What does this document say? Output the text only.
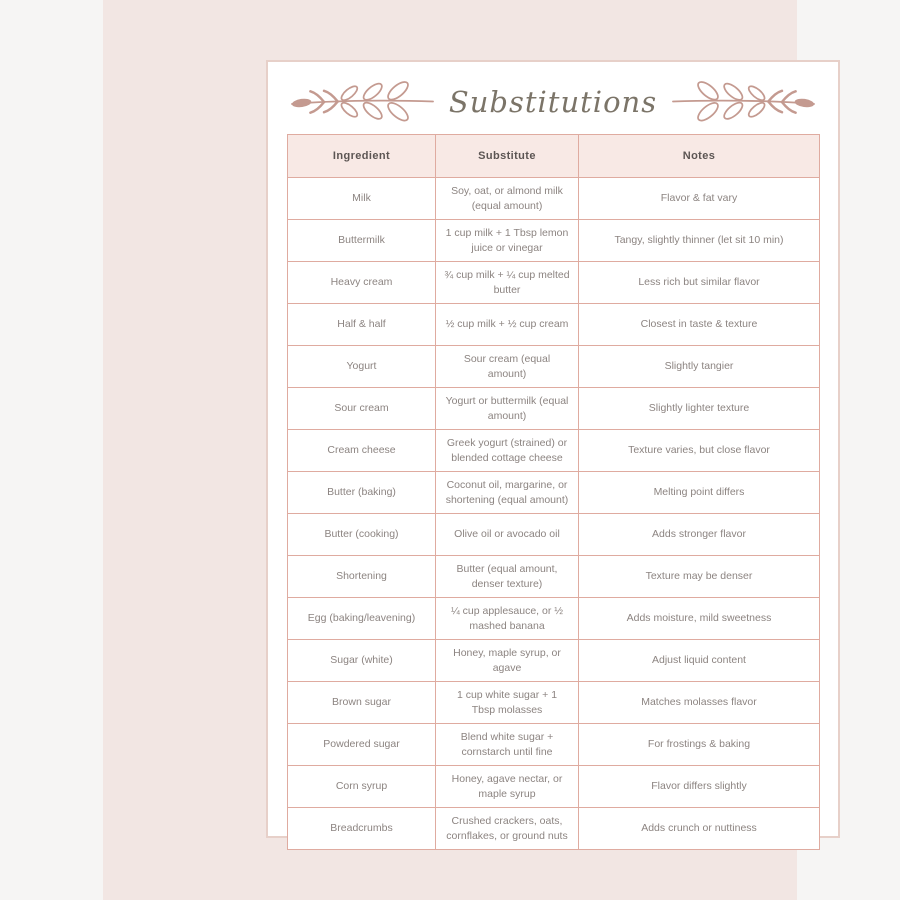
Substitutions
Ingredient	Substitute	Notes
Milk	Soy, oat, or almond milk (equal amount)	Flavor & fat vary
Buttermilk	1 cup milk + 1 Tbsp lemon juice or vinegar	Tangy, slightly thinner (let sit 10 min)
Heavy cream	¾ cup milk + ¼ cup melted butter	Less rich but similar flavor
Half & half	½ cup milk + ½ cup cream	Closest in taste & texture
Yogurt	Sour cream (equal amount)	Slightly tangier
Sour cream	Yogurt or buttermilk (equal amount)	Slightly lighter texture
Cream cheese	Greek yogurt (strained) or blended cottage cheese	Texture varies, but close flavor
Butter (baking)	Coconut oil, margarine, or shortening (equal amount)	Melting point differs
Butter (cooking)	Olive oil or avocado oil	Adds stronger flavor
Shortening	Butter (equal amount, denser texture)	Texture may be denser
Egg (baking/leavening)	¼ cup applesauce, or ½ mashed banana	Adds moisture, mild sweetness
Sugar (white)	Honey, maple syrup, or agave	Adjust liquid content
Brown sugar	1 cup white sugar + 1 Tbsp molasses	Matches molasses flavor
Powdered sugar	Blend white sugar + cornstarch until fine	For frostings & baking
Corn syrup	Honey, agave nectar, or maple syrup	Flavor differs slightly
Breadcrumbs	Crushed crackers, oats, cornflakes, or ground nuts	Adds crunch or nuttiness
